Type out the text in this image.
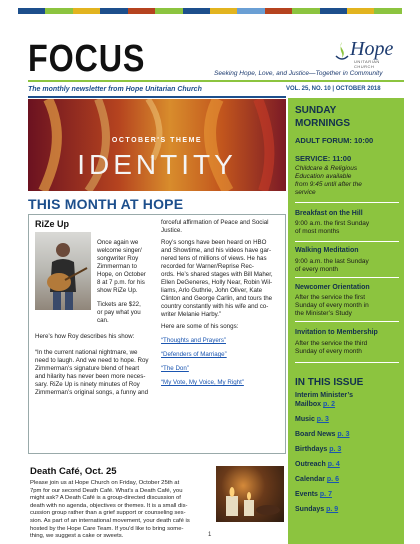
FOCUS	Hope
UNITARIAN CHURCH
Seeking Hope, Love, and Justice—Together in Community
The monthly newsletter from Hope Unitarian Church	VOL. 25, NO. 10 | OCTOBER 2018
OCTOBER'S THEME
IDENTITY
THIS MONTH AT HOPE
RiZe Up
Once again we
welcome singer/
songwriter Roy
Zimmerman to
Hope, on October
8 at 7 p.m. for his
show RiZe Up.
Tickets are $22,
or pay what you
can.
Here’s how Roy describes his show:
“In the current national nightmare, we
need to laugh. And we need to hope. Roy
Zimmerman’s signature blend of heart
and hilarity has never been more neces-
sary. RiZe Up is ninety minutes of Roy
Zimmerman’s original songs, a funny and
forceful affirmation of Peace and Social
Justice.
Roy’s songs have been heard on HBO
and Showtime, and his videos have gar-
nered tens of millions of views. He has
recorded for Warner/Reprise Rec-
ords. He’s shared stages with Bill Maher,
Ellen DeGeneres, Holly Near, Robin Wil-
liams, Arlo Guthrie, John Oliver, Kate
Clinton and George Carlin, and tours the
country constantly with his wife and co-
writer Melanie Harby.”
Here are some of his songs:
“Thoughts and Prayers”
“Defenders of Marriage”
“The Don”
“My Vote, My Voice, My Right”
Death Café, Oct. 25
Please join us at Hope Church on Friday, October 25th at
7pm for our second Death Café. What’s a Death Café, you
might ask? A Death Café is a group-directed discussion of
death with no agenda, objectives or themes. It is a small dis-
cussion group rather than a grief support or counseling ses-
sion. As part of an international movement, your death café is
hosted by the Hope Care Team. If you’d like to bring some-
thing, we suggest a cake or sweets.
SUNDAY
MORNINGS
ADULT FORUM: 10:00
SERVICE: 11:00
Childcare & Religious
Education available
from 9:45 until after the
service
Breakfast on the Hill
9:00 a.m. the first Sunday
of most months
Walking Meditation
9:00 a.m. the last Sunday
of every month
Newcomer Orientation
After the service the first
Sunday of every month in
the Minister’s Study
Invitation to Membership
After the service the third
Sunday of every month
IN THIS ISSUE
Interim Minister’s
Mailbox p. 2
Music p. 3
Board News p. 3
Birthdays p. 3
Outreach p. 4
Calendar p. 6
Events p. 7
Sundays p. 9
1
